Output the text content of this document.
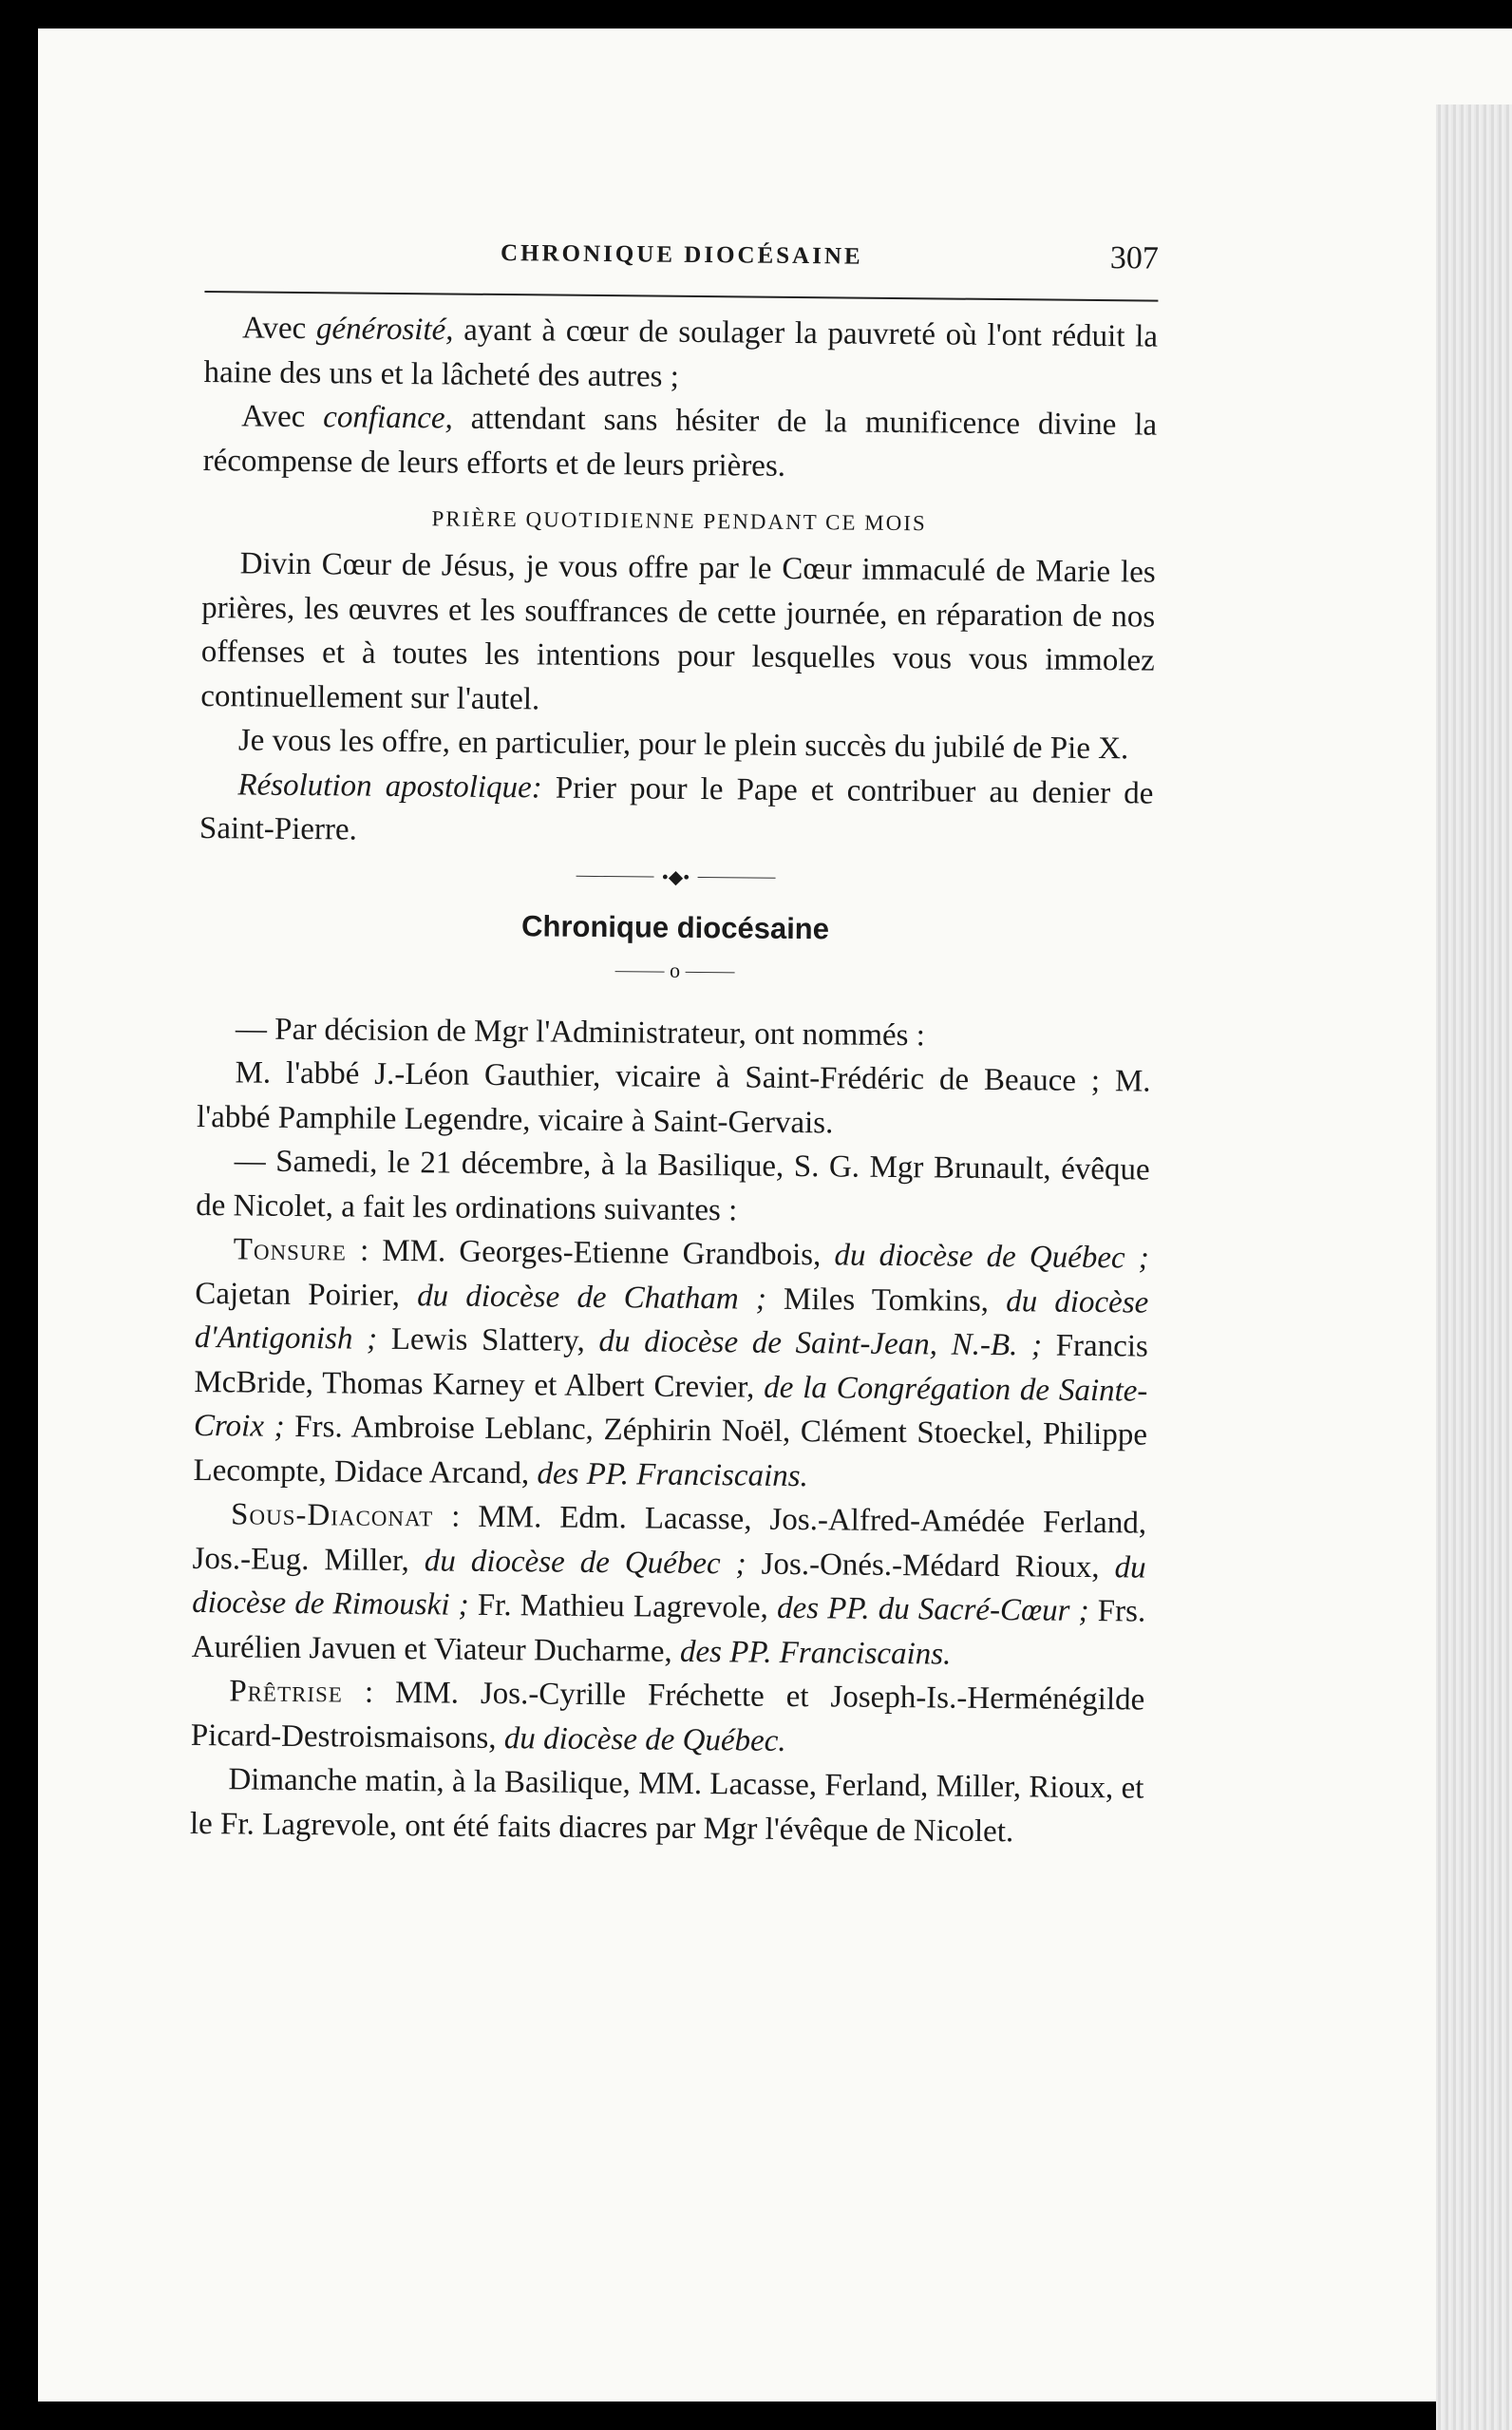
CHRONIQUE DIOCÉSAINE	307

Avec générosité, ayant à cœur de soulager la pauvreté où l'ont réduit la haine des uns et la lâcheté des autres ;

Avec confiance, attendant sans hésiter de la munificence divine la récompense de leurs efforts et de leurs prières.

PRIÈRE QUOTIDIENNE PENDANT CE MOIS

Divin Cœur de Jésus, je vous offre par le Cœur immaculé de Marie les prières, les œuvres et les souffrances de cette journée, en réparation de nos offenses et à toutes les intentions pour lesquelles vous vous immolez continuellement sur l'autel.

Je vous les offre, en particulier, pour le plein succès du jubilé de Pie X.

Résolution apostolique: Prier pour le Pape et contribuer au denier de Saint-Pierre.

•◆•
Chronique diocésaine
o

— Par décision de Mgr l'Administrateur, ont nommés :

M. l'abbé J.-Léon Gauthier, vicaire à Saint-Frédéric de Beauce ; M. l'abbé Pamphile Legendre, vicaire à Saint-Gervais.

— Samedi, le 21 décembre, à la Basilique, S. G. Mgr Brunault, évêque de Nicolet, a fait les ordinations suivantes :

Tonsure : MM. Georges-Etienne Grandbois, du diocèse de Québec ; Cajetan Poirier, du diocèse de Chatham ; Miles Tomkins, du diocèse d'Antigonish ; Lewis Slattery, du diocèse de Saint-Jean, N.-B. ; Francis McBride, Thomas Karney et Albert Crevier, de la Congrégation de Sainte-Croix ; Frs. Ambroise Leblanc, Zéphirin Noël, Clément Stoeckel, Philippe Lecompte, Didace Arcand, des PP. Franciscains.

Sous-Diaconat : MM. Edm. Lacasse, Jos.-Alfred-Amédée Ferland, Jos.-Eug. Miller, du diocèse de Québec ; Jos.-Onés.-Médard Rioux, du diocèse de Rimouski ; Fr. Mathieu Lagrevole, des PP. du Sacré-Cœur ; Frs. Aurélien Javuen et Viateur Ducharme, des PP. Franciscains.

Prêtrise : MM. Jos.-Cyrille Fréchette et Joseph-Is.-Herménégilde Picard-Destroismaisons, du diocèse de Québec.

Dimanche matin, à la Basilique, MM. Lacasse, Ferland, Miller, Rioux, et le Fr. Lagrevole, ont été faits diacres par Mgr l'évêque de Nicolet.
